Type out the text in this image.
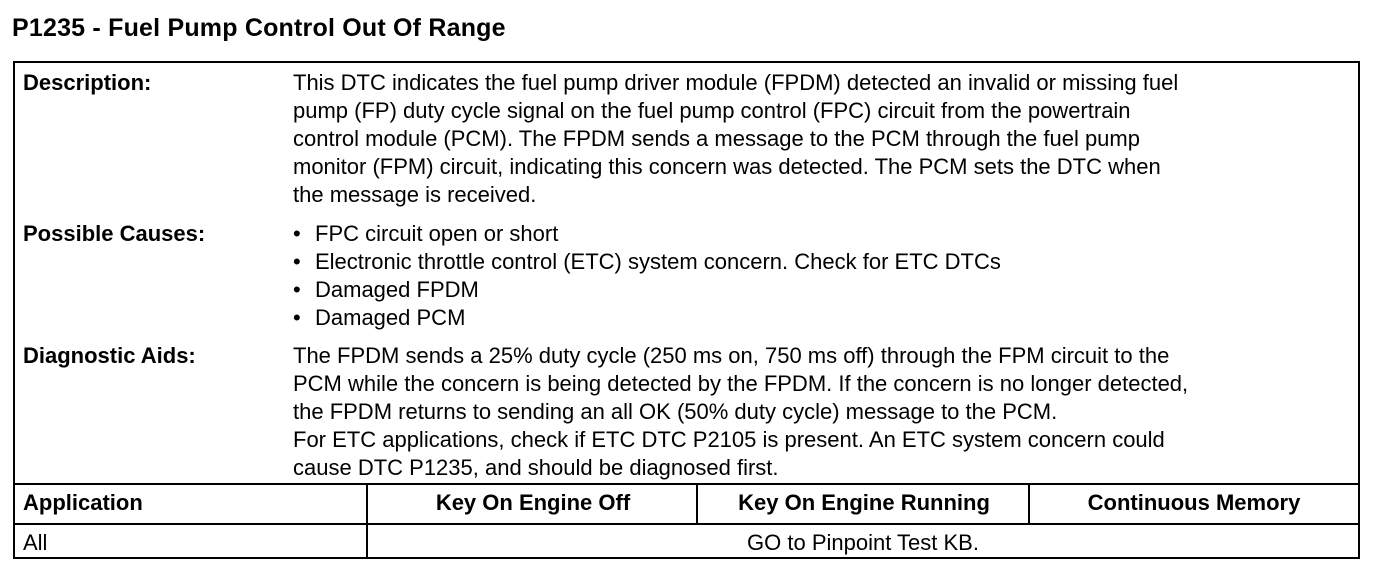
P1235 - Fuel Pump Control Out Of Range
Description:	This DTC indicates the fuel pump driver module (FPDM) detected an invalid or missing fuel

pump (FP) duty cycle signal on the fuel pump control (FPC) circuit from the powertrain

control module (PCM). The FPDM sends a message to the PCM through the fuel pump

monitor (FPM) circuit, indicating this concern was detected. The PCM sets the DTC when

the message is received.

Possible Causes:	• FPC circuit open or short
• Electronic throttle control (ETC) system concern. Check for ETC DTCs
• Damaged FPDM
• Damaged PCM
Diagnostic Aids:	The FPDM sends a 25% duty cycle (250 ms on, 750 ms off) through the FPM circuit to the

PCM while the concern is being detected by the FPDM. If the concern is no longer detected,

the FPDM returns to sending an all OK (50% duty cycle) message to the PCM.

For ETC applications, check if ETC DTC P2105 is present. An ETC system concern could

cause DTC P1235, and should be diagnosed first.

Application	Key On Engine Off	Key On Engine Running	Continuous Memory
All	GO to Pinpoint Test KB.
